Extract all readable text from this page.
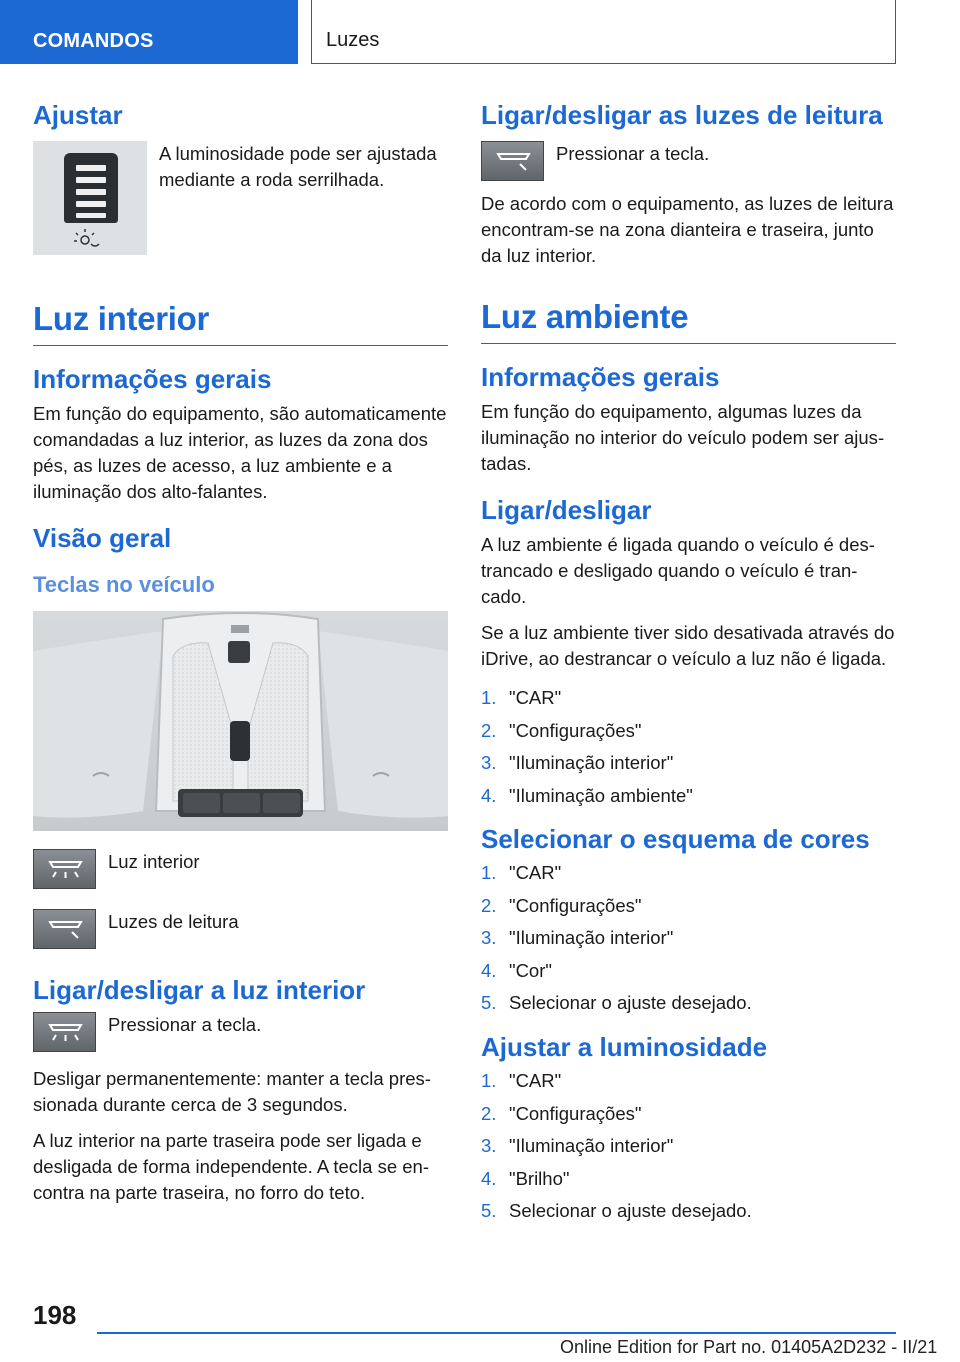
COMANDOS	Luzes
Ajustar
A luminosidade pode ser ajustada mediante a roda serrilhada.
Luz interior
Informações gerais
Em função do equipamento, são automaticamente comandadas a luz interior, as luzes da zona dos pés, as luzes de acesso, a luz ambiente e a iluminação dos alto-falantes.
Visão geral
Teclas no veículo
Luz interior
Luzes de leitura
Ligar/desligar a luz interior
Pressionar a tecla.
Desligar permanentemente: manter a tecla pressionada durante cerca de 3 segundos.
A luz interior na parte traseira pode ser ligada e desligada de forma independente. A tecla se encontra na parte traseira, no forro do teto.
Ligar/desligar as luzes de leitura
Pressionar a tecla.
De acordo com o equipamento, as luzes de leitura encontram-se na zona dianteira e traseira, junto da luz interior.
Luz ambiente
Informações gerais
Em função do equipamento, algumas luzes da iluminação no interior do veículo podem ser ajustadas.
Ligar/desligar
A luz ambiente é ligada quando o veículo é destrancado e desligado quando o veículo é trancado.
Se a luz ambiente tiver sido desativada através do iDrive, ao destrancar o veículo a luz não é ligada.
1. "CAR"
2. "Configurações"
3. "Iluminação interior"
4. "Iluminação ambiente"
Selecionar o esquema de cores
1. "CAR"
2. "Configurações"
3. "Iluminação interior"
4. "Cor"
5. Selecionar o ajuste desejado.
Ajustar a luminosidade
1. "CAR"
2. "Configurações"
3. "Iluminação interior"
4. "Brilho"
5. Selecionar o ajuste desejado.
198
Online Edition for Part no. 01405A2D232 - II/21
